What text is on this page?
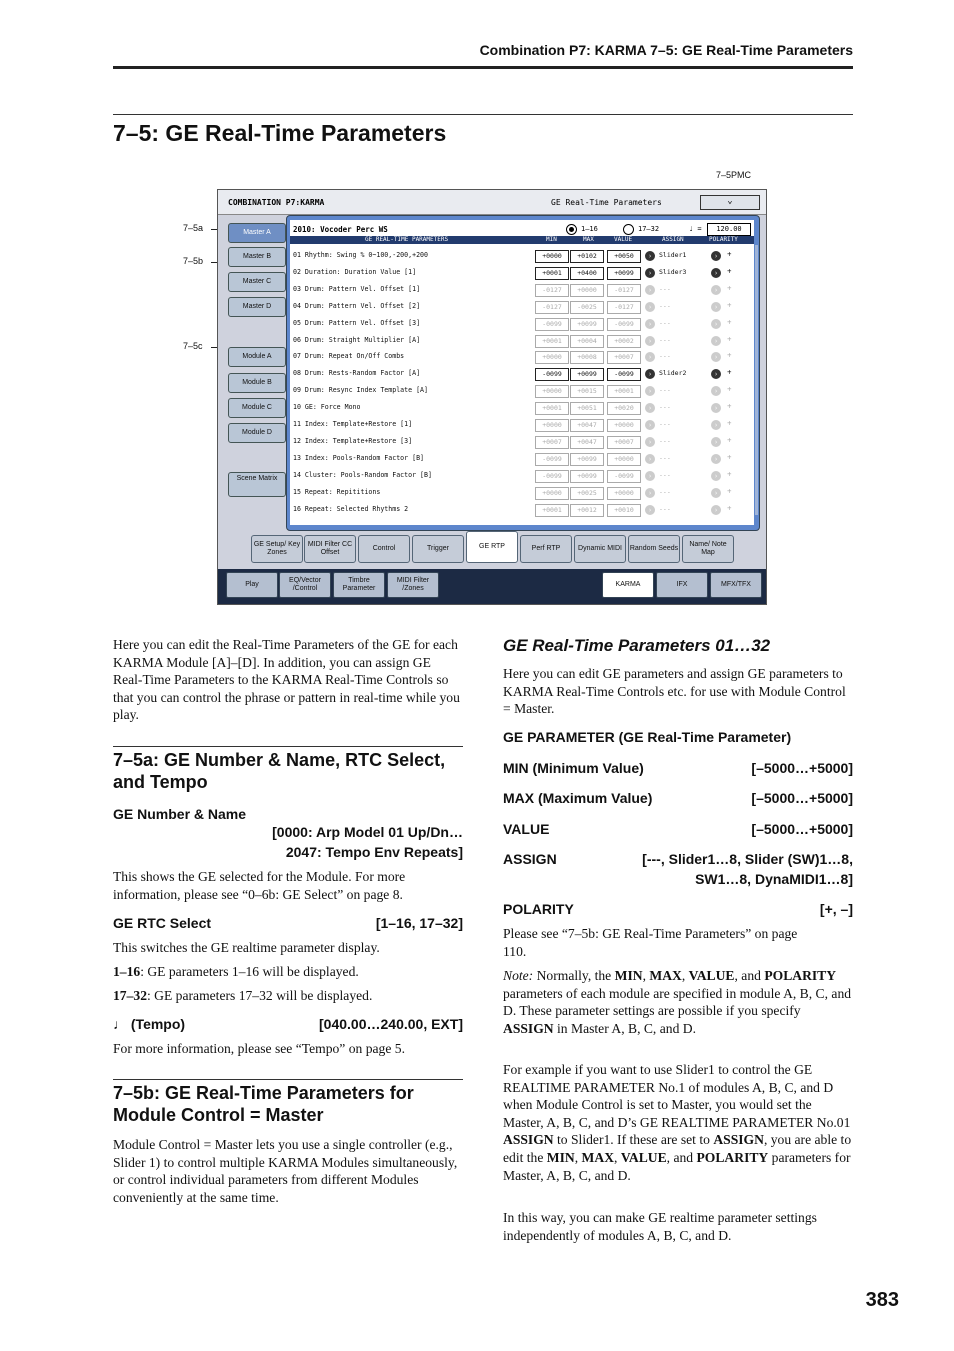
Combination P7: KARMA 7–5: GE Real-Time Parameters
7–5: GE Real-Time Parameters
7–5PMC
7–5a
7–5b
7–5c
COMBINATION P7:KARMA	GE Real-Time Parameters	⌄
Master A
Master B
Master C
Master D
Module A
Module B
Module C
Module D
Scene Matrix
2010: Vocoder Perc WS	1–16	17–32	♩ =	120.00
GE REAL-TIME PARAMETERS	MIN	MAX	VALUE	ASSIGN	POLARITY
GE Setup/ Key Zones
MIDI Filter CC Offset
Control	Trigger	GE RTP	Perf RTP	Dynamic MIDI	Random Seeds
Name/ Note Map
Play
EQ/Vector /Control
Timbre Parameter
MIDI Filter /Zones
KARMA	IFX	MFX/TFX
01 Rhythm: Swing % 0~100,-200,+200	+0000	+0102	+0050	›	Slider1	›	+
02 Duration: Duration Value [1]	+0001	+0400	+0099	›	Slider3	›	+
03 Drum: Pattern Vel. Offset [1]	-0127	+0000	-0127	›	---	›	+
04 Drum: Pattern Vel. Offset [2]	-0127	-0025	-0127	›	---	›	+
05 Drum: Pattern Vel. Offset [3]	-0099	+0099	-0099	›	---	›	+
06 Drum: Straight Multiplier [A]	+0001	+0004	+0002	›	---	›	+
07 Drum: Repeat On/Off Combs	+0000	+0008	+0007	›	---	›	+
08 Drum: Rests-Random Factor [A]	-0099	+0099	-0099	›	Slider2	›	+
09 Drum: Resync Index Template [A]	+0000	+0015	+0001	›	---	›	+
10 GE: Force Mono	+0001	+0051	+0020	›	---	›	+
11 Index: Template+Restore [1]	+0000	+0047	+0000	›	---	›	+
12 Index: Template+Restore [3]	+0007	+0047	+0007	›	---	›	+
13 Index: Pools-Random Factor [B]	-0099	+0099	+0000	›	---	›	+
14 Cluster: Pools-Random Factor [B]	-0099	+0099	-0099	›	---	›	+
15 Repeat: Repititions	+0000	+0025	+0000	›	---	›	+
16 Repeat: Selected Rhythms 2	+0001	+0012	+0010	›	---	›	+
Here you can edit the Real-Time Parameters of the GE for each KARMA Module [A]–[D]. In addition, you can assign GE Real-Time Parameters to the KARMA Real-Time Controls so that you can control the phrase or pattern in real-time while you play.
7–5a: GE Number & Name, RTC Select, and Tempo
GE Number & Name
[0000: Arp Model 01 Up/Dn…
2047: Tempo Env Repeats]
This shows the GE selected for the Module. For more information, please see “0–6b: GE Select” on page 8.
GE RTC Select	[1–16, 17–32]
This switches the GE realtime parameter display.
1–16: GE parameters 1–16 will be displayed.
17–32: GE parameters 17–32 will be displayed.
♩ (Tempo)	[040.00…240.00, EXT]
For more information, please see “Tempo” on page 5.
7–5b: GE Real-Time Parameters for Module Control = Master
Module Control = Master lets you use a single controller (e.g., Slider 1) to control multiple KARMA Modules simultaneously, or control individual parameters from different Modules conveniently at the same time.
GE Real-Time Parameters 01…32
Here you can edit GE parameters and assign GE parameters to KARMA Real-Time Controls etc. for use with Module Control = Master.
GE PARAMETER (GE Real-Time Parameter)
MIN (Minimum Value)	[–5000…+5000]
MAX (Maximum Value)	[–5000…+5000]
VALUE	[–5000…+5000]
ASSIGN	[---, Slider1…8, Slider (SW)1…8,
SW1…8, DynaMIDI1…8]
POLARITY	[+, –]
Please see “7–5b: GE Real-Time Parameters” on page 110.
Note: Normally, the MIN, MAX, VALUE, and POLARITY parameters of each module are specified in module A, B, C, and D. These parameter settings are possible if you specify ASSIGN in Master A, B, C, and D.
For example if you want to use Slider1 to control the GE REALTIME PARAMETER No.1 of modules A, B, C, and D when Module Control is set to Master, you would set the Master, A, B, C, and D’s GE REALTIME PARAMETER No.01 ASSIGN to Slider1. If these are set to ASSIGN, you are able to edit the MIN, MAX, VALUE, and POLARITY parameters for Master, A, B, C, and D.
In this way, you can make GE realtime parameter settings independently of modules A, B, C, and D.
383
